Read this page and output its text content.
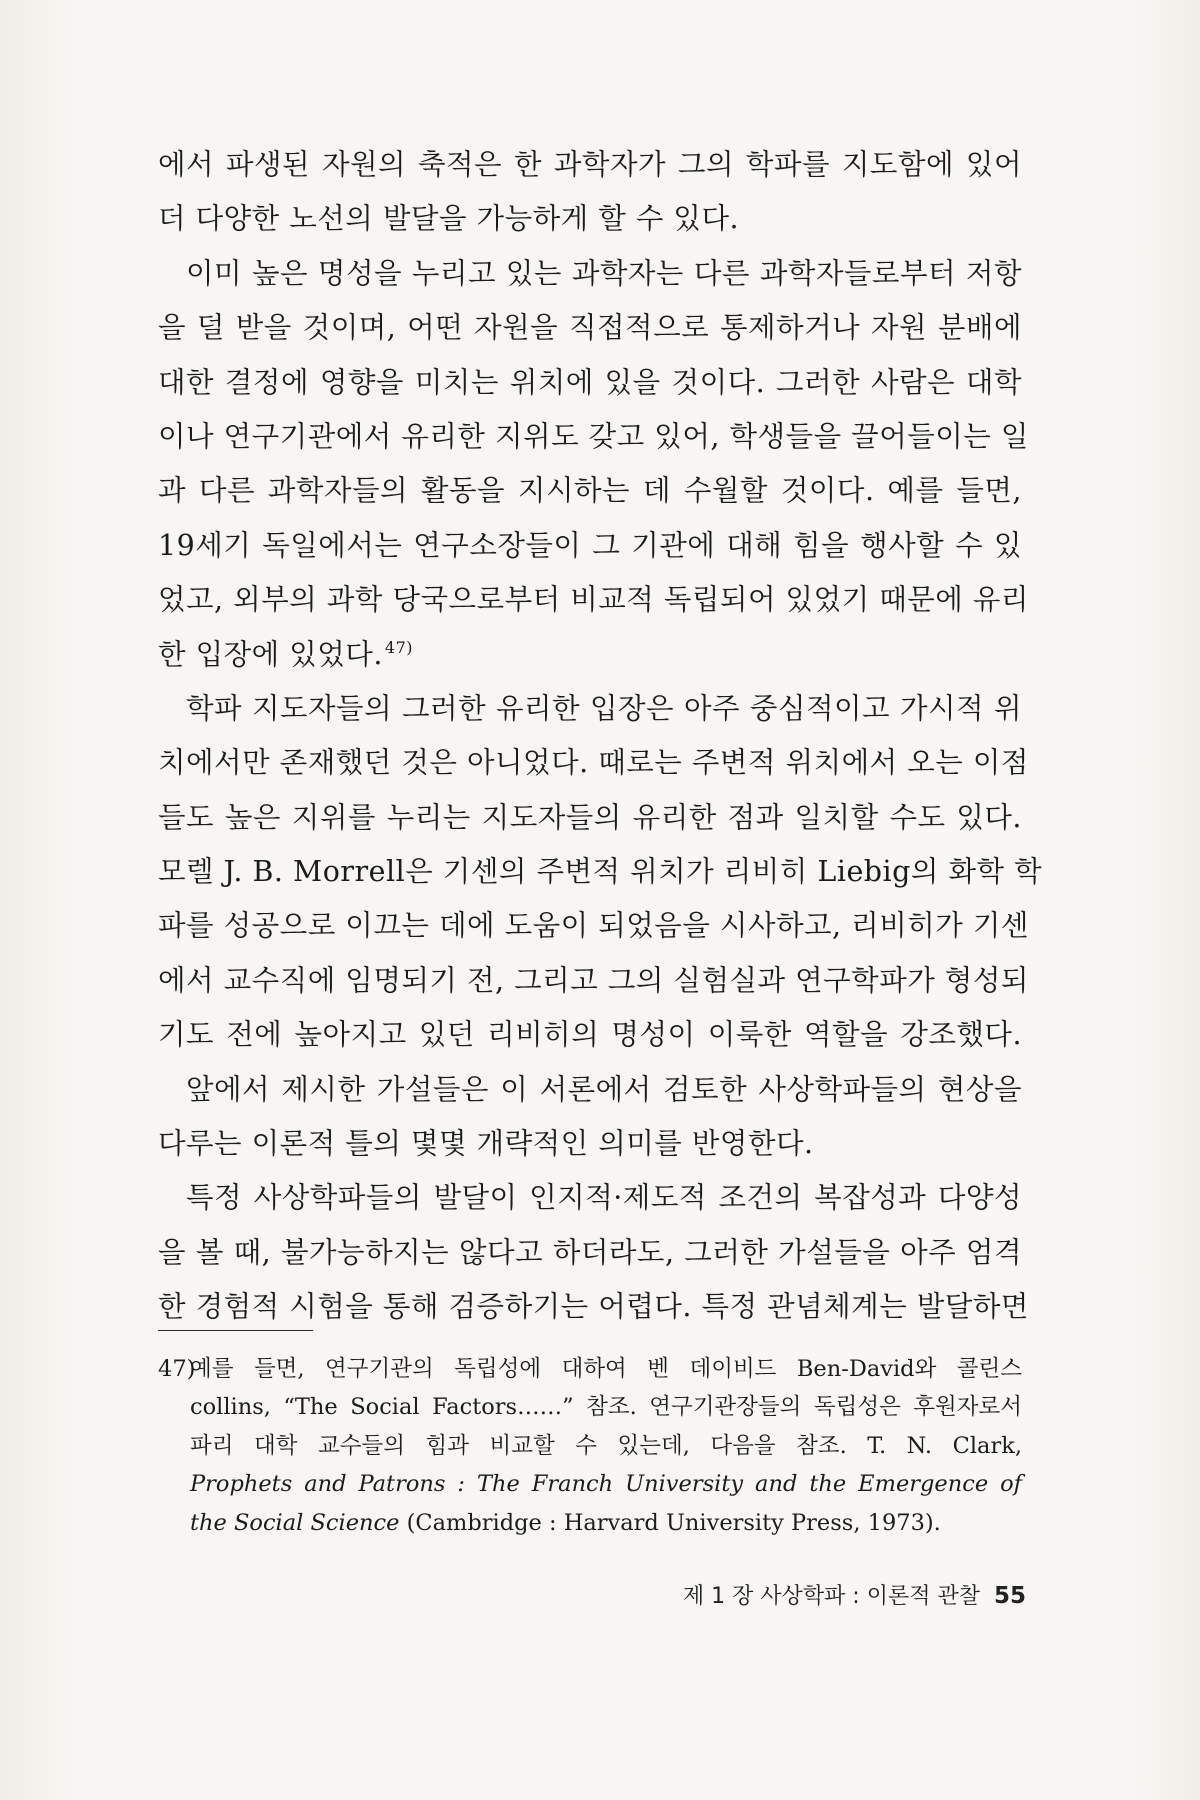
에서 파생된 자원의 축적은 한 과학자가 그의 학파를 지도함에 있어
더 다양한 노선의 발달을 가능하게 할 수 있다.
이미 높은 명성을 누리고 있는 과학자는 다른 과학자들로부터 저항
을 덜 받을 것이며, 어떤 자원을 직접적으로 통제하거나 자원 분배에
대한 결정에 영향을 미치는 위치에 있을 것이다. 그러한 사람은 대학
이나 연구기관에서 유리한 지위도 갖고 있어, 학생들을 끌어들이는 일
과 다른 과학자들의 활동을 지시하는 데 수월할 것이다. 예를 들면,
19세기 독일에서는 연구소장들이 그 기관에 대해 힘을 행사할 수 있
었고, 외부의 과학 당국으로부터 비교적 독립되어 있었기 때문에 유리
한 입장에 있었다. $^{47)}$
학파 지도자들의 그러한 유리한 입장은 아주 중심적이고 가시적 위
치에서만 존재했던 것은 아니었다. 때로는 주변적 위치에서 오는 이점
들도 높은 지위를 누리는 지도자들의 유리한 점과 일치할 수도 있다.
모렐 J. B. Morrell은 기센의 주변적 위치가 리비히 Liebig의 화학 학
파를 성공으로 이끄는 데에 도움이 되었음을 시사하고, 리비히가 기센
에서 교수직에 임명되기 전, 그리고 그의 실험실과 연구학파가 형성되
기도 전에 높아지고 있던 리비히의 명성이 이룩한 역할을 강조했다.
앞에서 제시한 가설들은 이 서론에서 검토한 사상학파들의 현상을
다루는 이론적 틀의 몇몇 개략적인 의미를 반영한다.
특정 사상학파들의 발달이 인지적·제도적 조건의 복잡성과 다양성
을 볼 때, 불가능하지는 않다고 하더라도, 그러한 가설들을 아주 엄격
한 경험적 시험을 통해 검증하기는 어렵다. 특정 관념체계는 발달하면
47)예를 들면, 연구기관의 독립성에 대하여 벤 데이비드 Ben-David와 콜린스
collins, “The Social Factors……” 참조. 연구기관장들의 독립성은 후원자로서
파리 대학 교수들의 힘과 비교할 수 있는데, 다음을 참조. T. N. Clark,
Prophets and Patrons : The Franch University and the Emergence of
the Social Science (Cambridge : Harvard University Press, 1973).
제 1 장 사상학파 : 이론적 관찰 55
